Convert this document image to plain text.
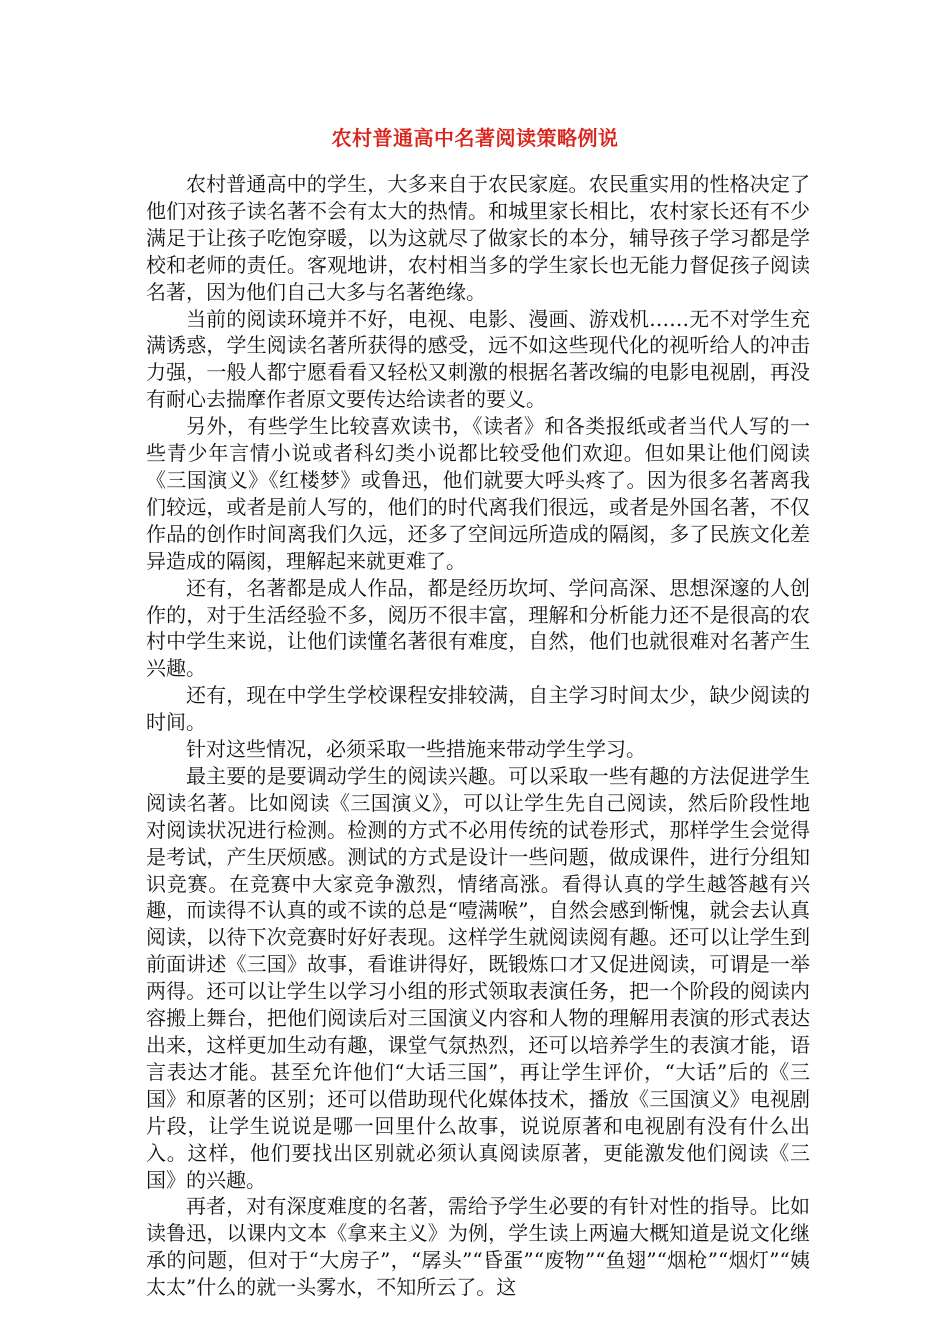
农村普通高中名著阅读策略例说

农村普通高中的学生，大多来自于农民家庭。农民重实用的性格决定了他们对孩子读名著不会有太大的热情。和城里家长相比，农村家长还有不少满足于让孩子吃饱穿暖，以为这就尽了做家长的本分，辅导孩子学习都是学校和老师的责任。客观地讲，农村相当多的学生家长也无能力督促孩子阅读名著，因为他们自己大多与名著绝缘。

当前的阅读环境并不好，电视、电影、漫画、游戏机……无不对学生充满诱惑，学生阅读名著所获得的感受，远不如这些现代化的视听给人的冲击力强，一般人都宁愿看看又轻松又刺激的根据名著改编的电影电视剧，再没有耐心去揣摩作者原文要传达给读者的要义。

另外，有些学生比较喜欢读书，《读者》和各类报纸或者当代人写的一些青少年言情小说或者科幻类小说都比较受他们欢迎。但如果让他们阅读《三国演义》《红楼梦》或鲁迅，他们就要大呼头疼了。因为很多名著离我们较远，或者是前人写的，他们的时代离我们很远，或者是外国名著，不仅作品的创作时间离我们久远，还多了空间远所造成的隔阂，多了民族文化差异造成的隔阂，理解起来就更难了。

还有，名著都是成人作品，都是经历坎坷、学问高深、思想深邃的人创作的，对于生活经验不多，阅历不很丰富，理解和分析能力还不是很高的农村中学生来说，让他们读懂名著很有难度，自然，他们也就很难对名著产生兴趣。

还有，现在中学生学校课程安排较满，自主学习时间太少，缺少阅读的时间。

针对这些情况，必须采取一些措施来带动学生学习。

最主要的是要调动学生的阅读兴趣。可以采取一些有趣的方法促进学生阅读名著。比如阅读《三国演义》，可以让学生先自己阅读，然后阶段性地对阅读状况进行检测。检测的方式不必用传统的试卷形式，那样学生会觉得是考试，产生厌烦感。测试的方式是设计一些问题，做成课件，进行分组知识竞赛。在竞赛中大家竞争激烈，情绪高涨。看得认真的学生越答越有兴趣，而读得不认真的或不读的总是“噎满喉”，自然会感到惭愧，就会去认真阅读，以待下次竞赛时好好表现。这样学生就阅读阅有趣。还可以让学生到前面讲述《三国》故事，看谁讲得好，既锻炼口才又促进阅读，可谓是一举两得。还可以让学生以学习小组的形式领取表演任务，把一个阶段的阅读内容搬上舞台，把他们阅读后对三国演义内容和人物的理解用表演的形式表达出来，这样更加生动有趣，课堂气氛热烈，还可以培养学生的表演才能，语言表达才能。甚至允许他们“大话三国”，再让学生评价，“大话”后的《三国》和原著的区别；还可以借助现代化媒体技术，播放《三国演义》电视剧片段，让学生说说是哪一回里什么故事，说说原著和电视剧有没有什么出入。这样，他们要找出区别就必须认真阅读原著，更能激发他们阅读《三国》的兴趣。

再者，对有深度难度的名著，需给予学生必要的有针对性的指导。比如读鲁迅，以课内文本《拿来主义》为例，学生读上两遍大概知道是说文化继承的问题，但对于“大房子”，“孱头”“昏蛋”“废物”“鱼翅”“烟枪”“烟灯”“姨太太”什么的就一头雾水，不知所云了。这
